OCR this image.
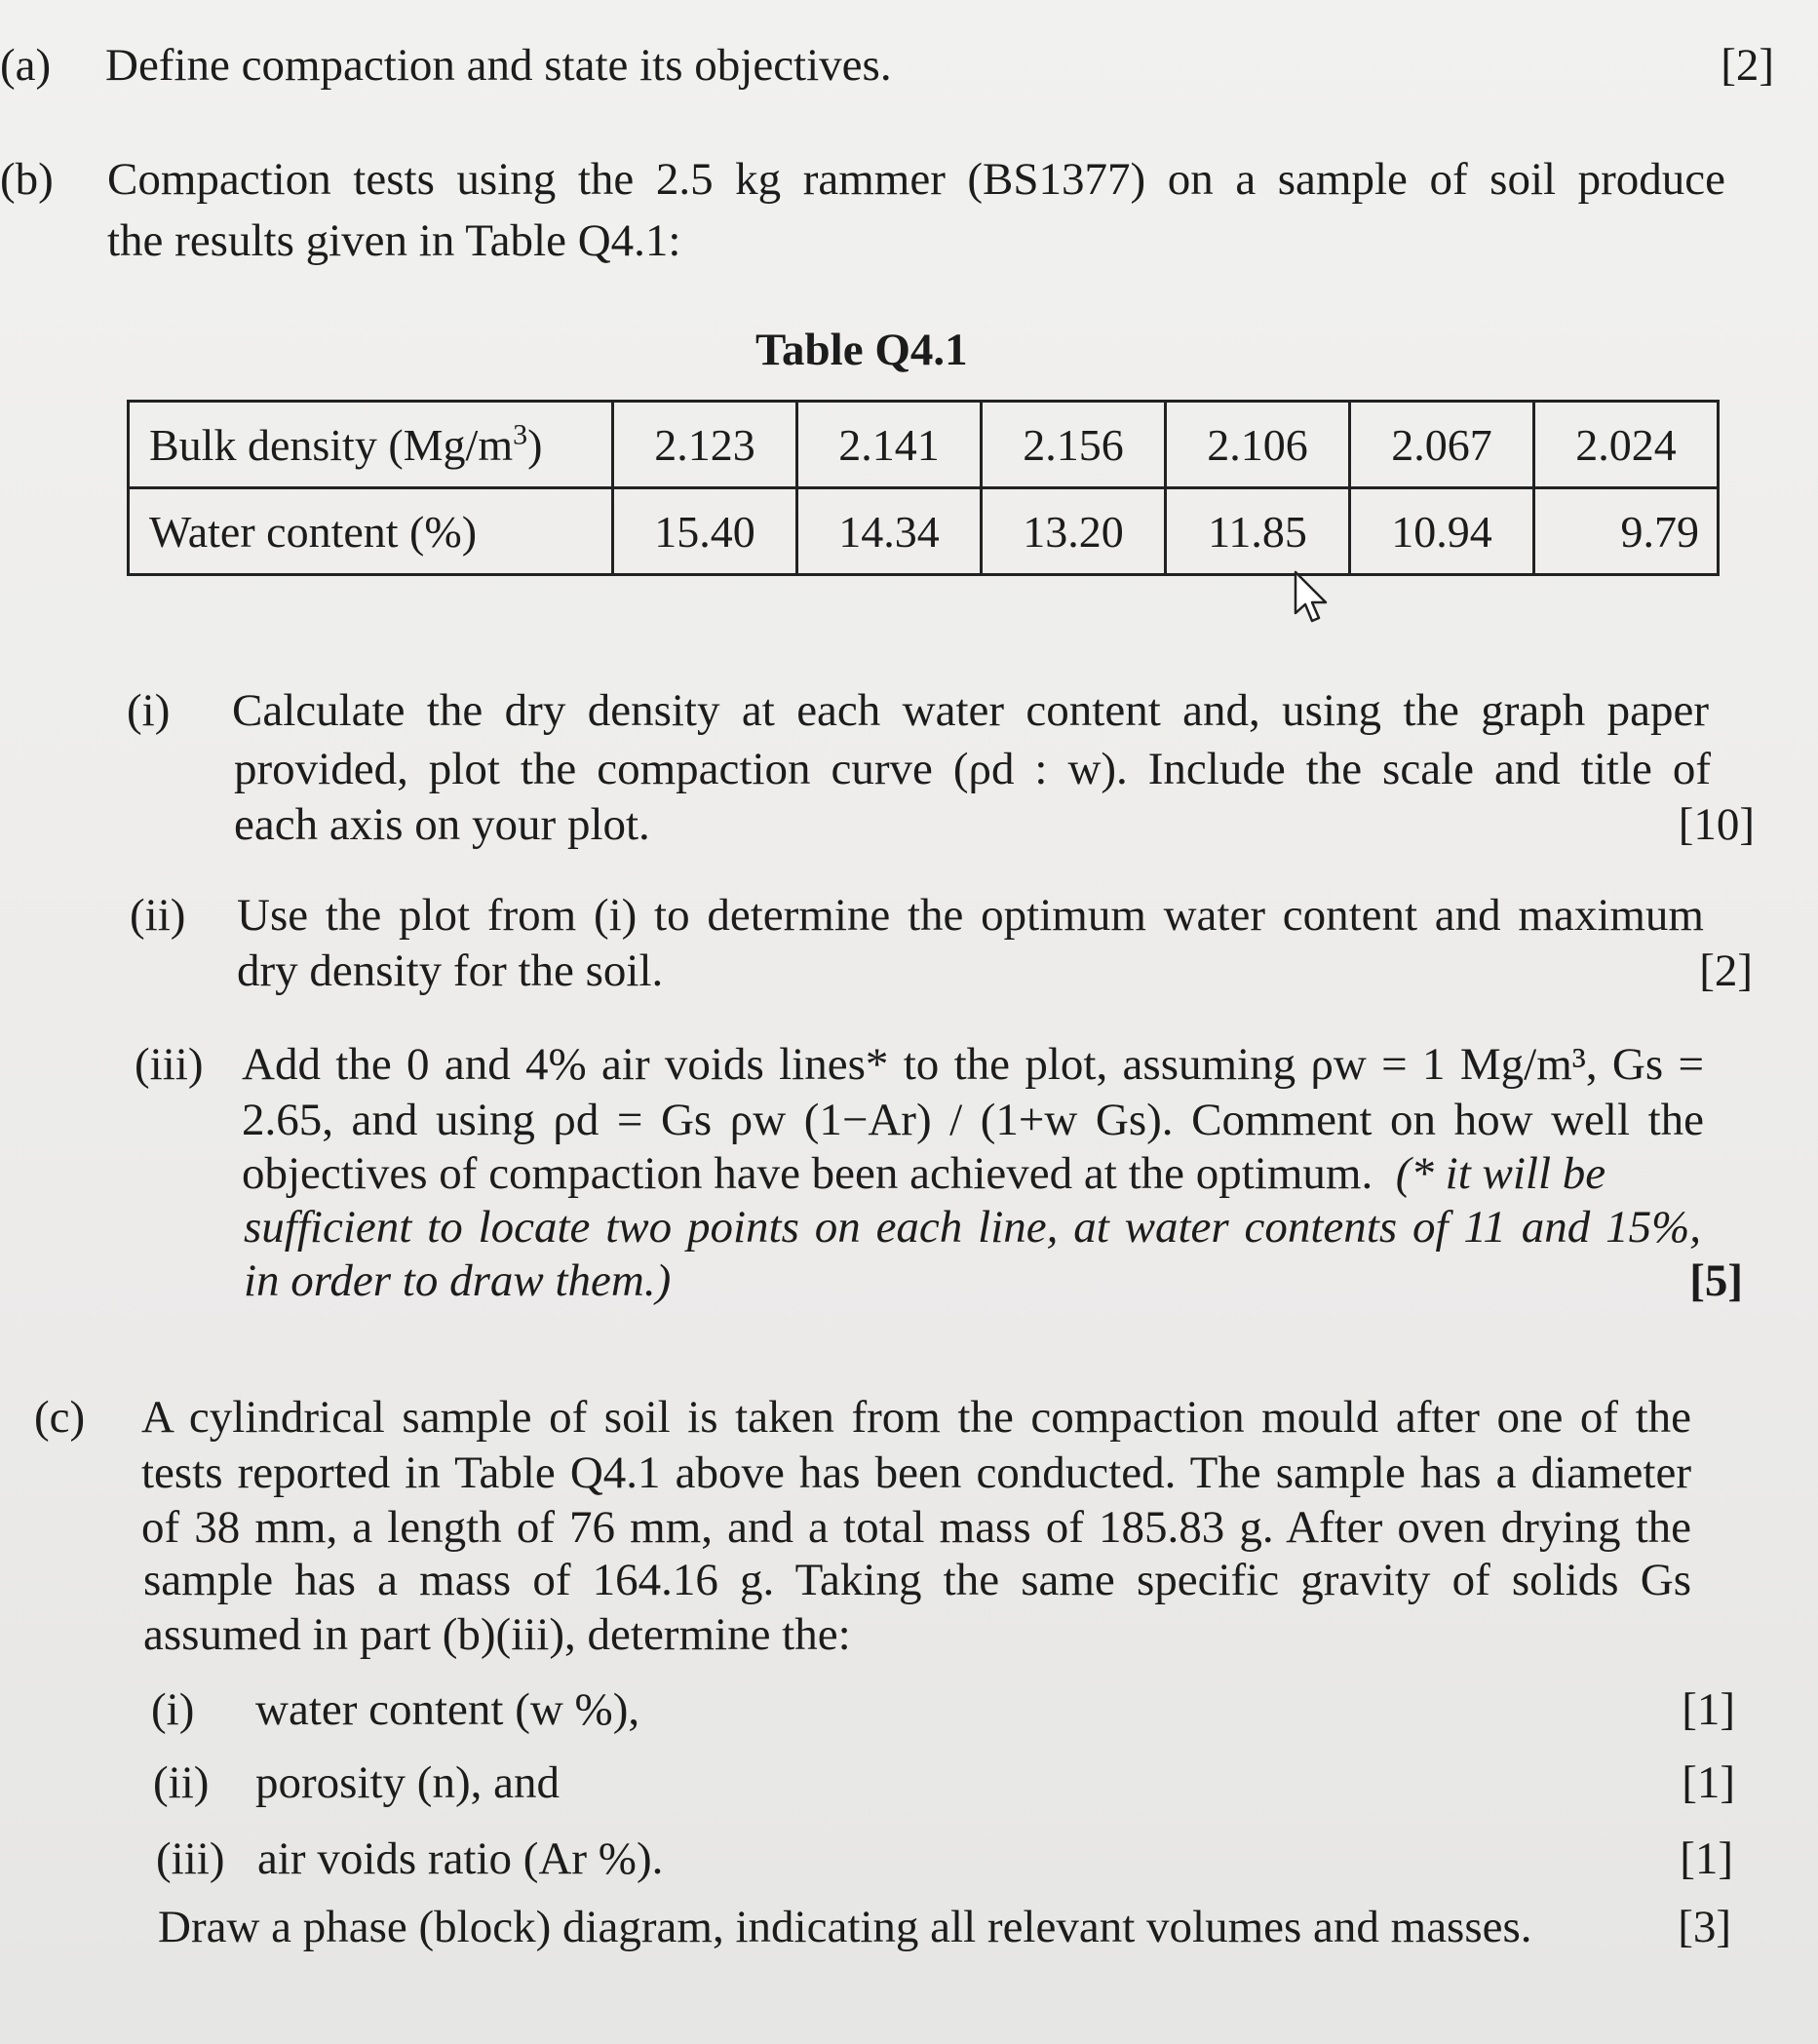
(a) Define compaction and state its objectives.	[2]
(b) Compaction tests using the 2.5 kg rammer (BS1377) on a sample of soil produce
the results given in Table Q4.1:
Table Q4.1
Bulk density $(Mg/m^3)$	2.123	2.141	2.156	2.106	2.067	2.024
Water content (%)	15.40	14.34	13.20	11.85	10.94	9.79
(i) Calculate the dry density at each water content and, using the graph paper
provided, plot the compaction curve (ρd : w). Include the scale and title of
each axis on your plot.	[10]
(ii) Use the plot from (i) to determine the optimum water content and maximum
dry density for the soil.	[2]
(iii) Add the 0 and 4% air voids lines* to the plot, assuming ρw = 1 Mg/m³, Gs =
2.65, and using ρd = Gs ρw (1−Ar) / (1+w Gs). Comment on how well the
objectives of compaction have been achieved at the optimum. (* it will be
sufficient to locate two points on each line, at water contents of 11 and 15%,
in order to draw them.)	[5]
(c) A cylindrical sample of soil is taken from the compaction mould after one of the
tests reported in Table Q4.1 above has been conducted. The sample has a diameter
of 38 mm, a length of 76 mm, and a total mass of 185.83 g. After oven drying the
sample has a mass of 164.16 g. Taking the same specific gravity of solids Gs
assumed in part (b)(iii), determine the:
(i) water content (w %),	[1]
(ii) porosity (n), and	[1]
(iii) air voids ratio (Ar %).	[1]
Draw a phase (block) diagram, indicating all relevant volumes and masses.	[3]
